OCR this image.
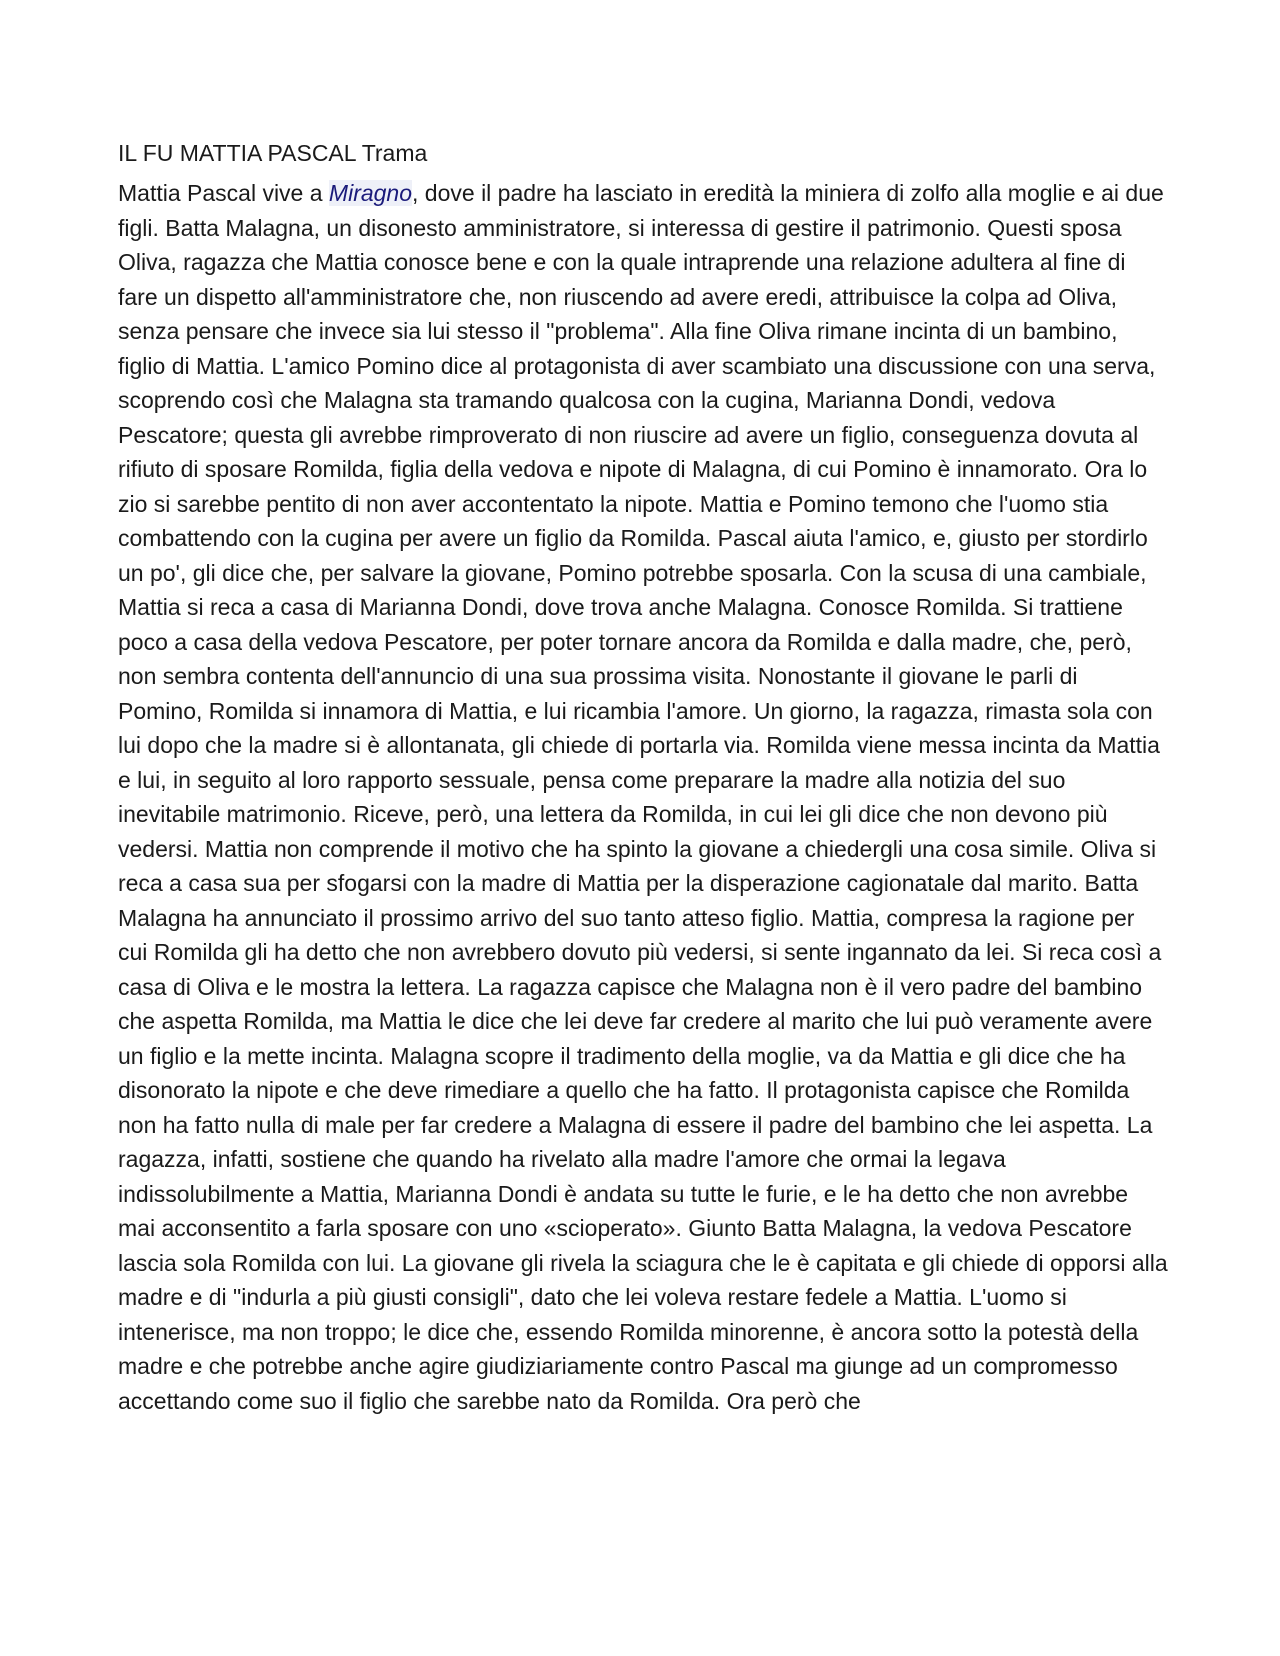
IL FU MATTIA PASCAL Trama

Mattia Pascal vive a Miragno, dove il padre ha lasciato in eredità la miniera di zolfo alla moglie e ai due figli. Batta Malagna, un disonesto amministratore, si interessa di gestire il patrimonio. Questi sposa Oliva, ragazza che Mattia conosce bene e con la quale intraprende una relazione adultera al fine di fare un dispetto all'amministratore che, non riuscendo ad avere eredi, attribuisce la colpa ad Oliva, senza pensare che invece sia lui stesso il "problema". Alla fine Oliva rimane incinta di un bambino, figlio di Mattia. L'amico Pomino dice al protagonista di aver scambiato una discussione con una serva, scoprendo così che Malagna sta tramando qualcosa con la cugina, Marianna Dondi, vedova Pescatore; questa gli avrebbe rimproverato di non riuscire ad avere un figlio, conseguenza dovuta al rifiuto di sposare Romilda, figlia della vedova e nipote di Malagna, di cui Pomino è innamorato. Ora lo zio si sarebbe pentito di non aver accontentato la nipote. Mattia e Pomino temono che l'uomo stia combattendo con la cugina per avere un figlio da Romilda. Pascal aiuta l'amico, e, giusto per stordirlo un po', gli dice che, per salvare la giovane, Pomino potrebbe sposarla. Con la scusa di una cambiale, Mattia si reca a casa di Marianna Dondi, dove trova anche Malagna. Conosce Romilda. Si trattiene poco a casa della vedova Pescatore, per poter tornare ancora da Romilda e dalla madre, che, però, non sembra contenta dell'annuncio di una sua prossima visita. Nonostante il giovane le parli di Pomino, Romilda si innamora di Mattia, e lui ricambia l'amore. Un giorno, la ragazza, rimasta sola con lui dopo che la madre si è allontanata, gli chiede di portarla via. Romilda viene messa incinta da Mattia e lui, in seguito al loro rapporto sessuale, pensa come preparare la madre alla notizia del suo inevitabile matrimonio. Riceve, però, una lettera da Romilda, in cui lei gli dice che non devono più vedersi. Mattia non comprende il motivo che ha spinto la giovane a chiedergli una cosa simile. Oliva si reca a casa sua per sfogarsi con la madre di Mattia per la disperazione cagionatale dal marito. Batta Malagna ha annunciato il prossimo arrivo del suo tanto atteso figlio. Mattia, compresa la ragione per cui Romilda gli ha detto che non avrebbero dovuto più vedersi, si sente ingannato da lei. Si reca così a casa di Oliva e le mostra la lettera. La ragazza capisce che Malagna non è il vero padre del bambino che aspetta Romilda, ma Mattia le dice che lei deve far credere al marito che lui può veramente avere un figlio e la mette incinta. Malagna scopre il tradimento della moglie, va da Mattia e gli dice che ha disonorato la nipote e che deve rimediare a quello che ha fatto. Il protagonista capisce che Romilda non ha fatto nulla di male per far credere a Malagna di essere il padre del bambino che lei aspetta. La ragazza, infatti, sostiene che quando ha rivelato alla madre l'amore che ormai la legava indissolubilmente a Mattia, Marianna Dondi è andata su tutte le furie, e le ha detto che non avrebbe mai acconsentito a farla sposare con uno «scioperato». Giunto Batta Malagna, la vedova Pescatore lascia sola Romilda con lui. La giovane gli rivela la sciagura che le è capitata e gli chiede di opporsi alla madre e di "indurla a più giusti consigli", dato che lei voleva restare fedele a Mattia. L'uomo si intenerisce, ma non troppo; le dice che, essendo Romilda minorenne, è ancora sotto la potestà della madre e che potrebbe anche agire giudiziariamente contro Pascal ma giunge ad un compromesso accettando come suo il figlio che sarebbe nato da Romilda. Ora però che
